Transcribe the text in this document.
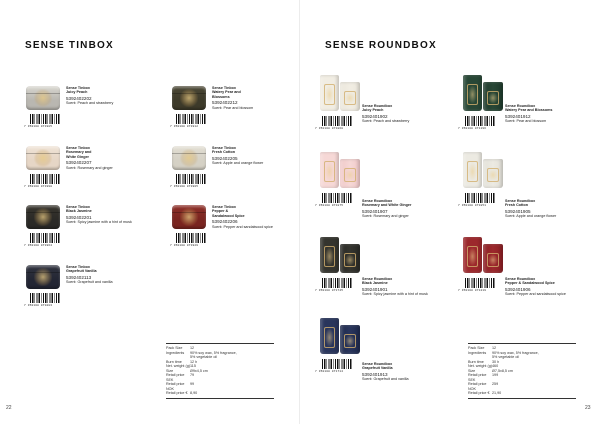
SENSE TINBOX
7 350108 071985
Sense Tinbox
Juicy Peach
5392402202
Scent: Peach and strawberry
7 350108 071998
Sense Tinbox
Rosemary and
White Ginger
5392402207
Scent: Rosemary and ginger
7 350108 071964
Sense Tinbox
Black Jasmine
5392402201
Scent: Spicy jasmine with a hint of musk
7 350108 071083
Sense Tinbox
Grapefruit Vanilla
5392402113
Scent: Grapefruit and vanilla
7 350108 071912
Sense Tinbox
Watery Pear and
Blossoms
5392402212
Scent: Pear and blossom
7 350108 071905
Sense Tinbox
Fresh Cotton
5392402205
Scent: Apple and orange flower
7 350108 071929
Sense Tinbox
Pepper &
Sandalwood Spice
5392402206
Scent: Pepper and sandalwood spice
Pack Size	12
Ingredients	90% soy wax, 5% fragrance,
5% vegetable oil
Burn time	12 h
Net. weight (g) 115
Size	Ø9x4,5 cm
Retail price SEK
79
Retail price NOK
99
Retail price € 8,90
22
SENSE ROUNDBOX
7 350108 071868
Sense Roundbox
Juicy Peach
5392401902
Scent: Peach and strawberry
7 350108 071875
Sense Roundbox
Rosemary and White Ginger
5392401907
Scent: Rosemary and ginger
7 350108 071745
Sense Roundbox
Black Jasmine
5392401901
Scent: Spicy jasmine with a hint of musk
7 350108 071714
Sense Roundbox
Grapefruit Vanilla
5392401913
Scent: Grapefruit and vanilla
7 350108 071196
Sense Roundbox
Watery Pear and Blossoms
5392401912
Scent: Pear and blossom
7 350108 071851
Sense Roundbox
Fresh Cotton
5392401905
Scent: Apple and orange flower
7 350108 071219
Sense Roundbox
Pepper & Sandalwood Spice
5392401906
Scent: Pepper and sandalwood spice
Pack Size	12
Ingredients	90% soy wax, 5% fragrance,
5% vegetable oil
Burn time	30 h
Net. weight (g) 460
Size	Ø7,5x8,5 cm
Retail price SEK
199
Retail price NOK
259
Retail price € 21,90
23
